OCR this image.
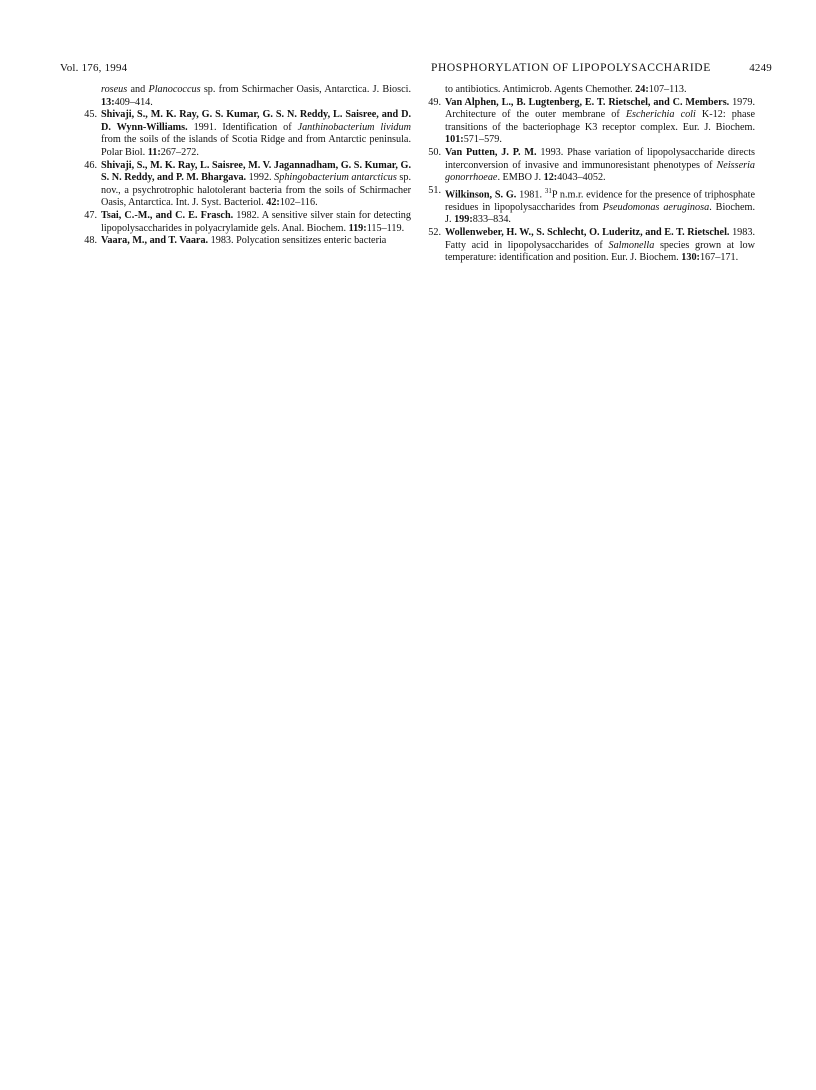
Vol. 176, 1994	PHOSPHORYLATION OF LIPOPOLYSACCHARIDE	4249

roseus and Planococcus sp. from Schirmacher Oasis, Antarctica. J. Biosci. 13:409–414.

45 . Shivaji, S., M. K. Ray, G. S. Kumar, G. S. N. Reddy, L. Saisree, and D. D. Wynn-Williams. 1991. Identification of Janthinobacterium lividum from the soils of the islands of Scotia Ridge and from Antarctic peninsula. Polar Biol. 11:267–272.

46 . Shivaji, S., M. K. Ray, L. Saisree, M. V. Jagannadham, G. S. Kumar, G. S. N. Reddy, and P. M. Bhargava. 1992. Sphingobacterium antarcticus sp. nov., a psychrotrophic halotolerant bacteria from the soils of Schirmacher Oasis, Antarctica. Int. J. Syst. Bacteriol. 42:102–116.

47 . Tsai, C.-M., and C. E. Frasch. 1982. A sensitive silver stain for detecting lipopolysaccharides in polyacrylamide gels. Anal. Biochem. 119:115–119.

48 . Vaara, M., and T. Vaara. 1983. Polycation sensitizes enteric bacteria

to antibiotics. Antimicrob. Agents Chemother. 24:107–113.

49 . Van Alphen, L., B. Lugtenberg, E. T. Rietschel, and C. Members. 1979. Architecture of the outer membrane of Escherichia coli K-12: phase transitions of the bacteriophage K3 receptor complex. Eur. J. Biochem. 101:571–579.

50 . Van Putten, J. P. M. 1993. Phase variation of lipopolysaccharide directs interconversion of invasive and immunoresistant phenotypes of Neisseria gonorrhoeae. EMBO J. 12:4043–4052.

51 . Wilkinson, S. G. 1981. $^{31}$P n.m.r. evidence for the presence of triphosphate residues in lipopolysaccharides from Pseudomonas aeruginosa. Biochem. J. 199:833–834.

52 . Wollenweber, H. W., S. Schlecht, O. Luderitz, and E. T. Rietschel. 1983. Fatty acid in lipopolysaccharides of Salmonella species grown at low temperature: identification and position. Eur. J. Biochem. 130:167–171.
